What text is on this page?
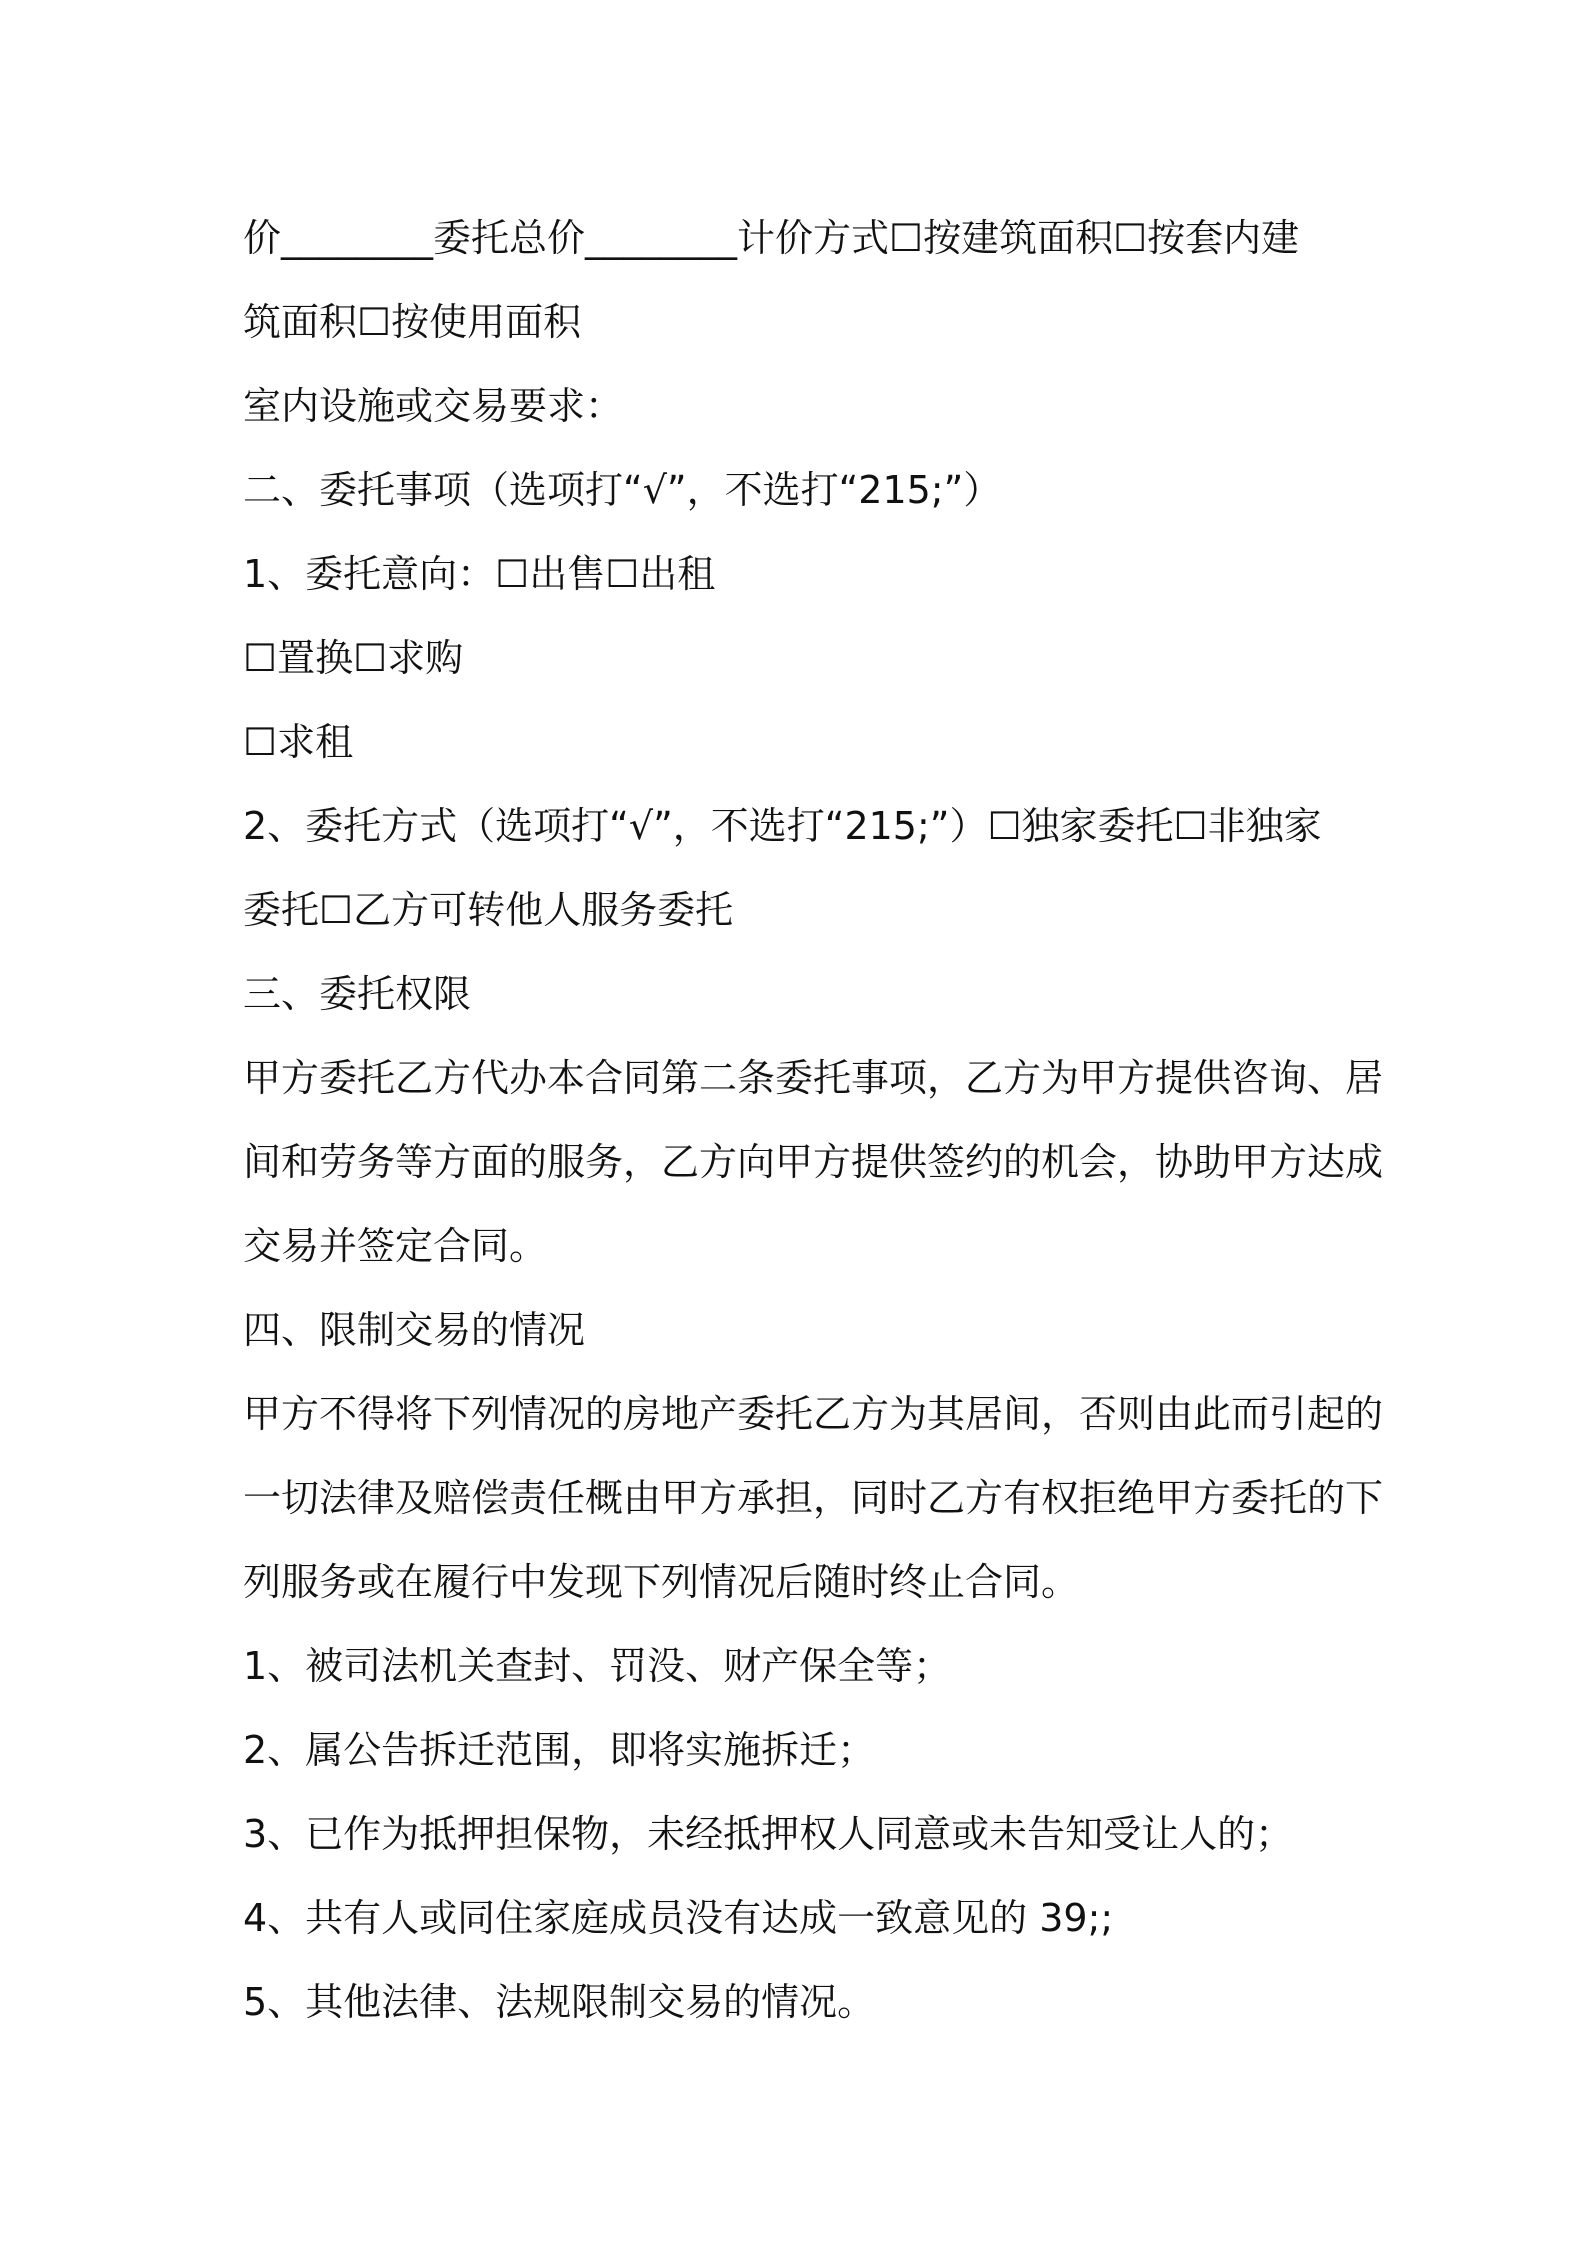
价________委托总价________计价方式☐按建筑面积☐按套内建
筑面积☐按使用面积
室内设施或交易要求：
二、委托事项（选项打“√”，不选打“215;”）
1、委托意向：☐出售☐出租
☐置换☐求购
☐求租
2、委托方式（选项打“√”，不选打“215;”）☐独家委托☐非独家
委托☐乙方可转他人服务委托
三、委托权限
甲方委托乙方代办本合同第二条委托事项，乙方为甲方提供咨询、居
间和劳务等方面的服务，乙方向甲方提供签约的机会，协助甲方达成
交易并签定合同。
四、限制交易的情况
甲方不得将下列情况的房地产委托乙方为其居间，否则由此而引起的
一切法律及赔偿责任概由甲方承担，同时乙方有权拒绝甲方委托的下
列服务或在履行中发现下列情况后随时终止合同。
1、被司法机关查封、罚没、财产保全等；
2、属公告拆迁范围，即将实施拆迁；
3、已作为抵押担保物，未经抵押权人同意或未告知受让人的；
4、共有人或同住家庭成员没有达成一致意见的 39;;
5、其他法律、法规限制交易的情况。
